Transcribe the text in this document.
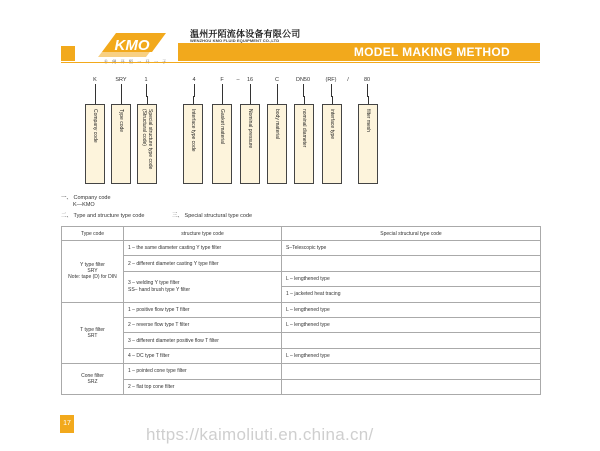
KMO
温州开陌流体设备有限公司
WENZHOU KMO FLUID EQUIPMENT CO.,LTD
MODEL MAKING METHOD
K	SRY	1	4	F – 16	C	DN50	(RF) /	80
Company code	Type code	Special structure type code
(Structural code)	Interface type code	Gasket material	Nominal pressure	body material	nominal diameter	interface type	filter mesh
一、 Company code
K—KMO
二、 Type and structure type code	三、 Special structural type code
Type code	structure type code	Special structural type code

Y type filter
SRY
Note: tape (D) for DIN	1 – the same diameter casting Y type filter	S–Telescopic type
	2 – different diameter casting Y type filter	
	3 – welding Y type filter
SS– hand brush type Y filter	L – lengthened type
		1 – jacketed heat tracing

T type filter
SRT	1 – positive flow type T filter	L – lengthened type
	2 – reverse flow type T filter	L – lengthened type
	3 – different diameter positive flow T filter	
	4 – DC type T filter	L – lengthened type

Cone filter
SRZ	1 – pointed cone type filter	
	2 – flat top cone filter	
17
https://kaimoliuti.en.china.cn/
